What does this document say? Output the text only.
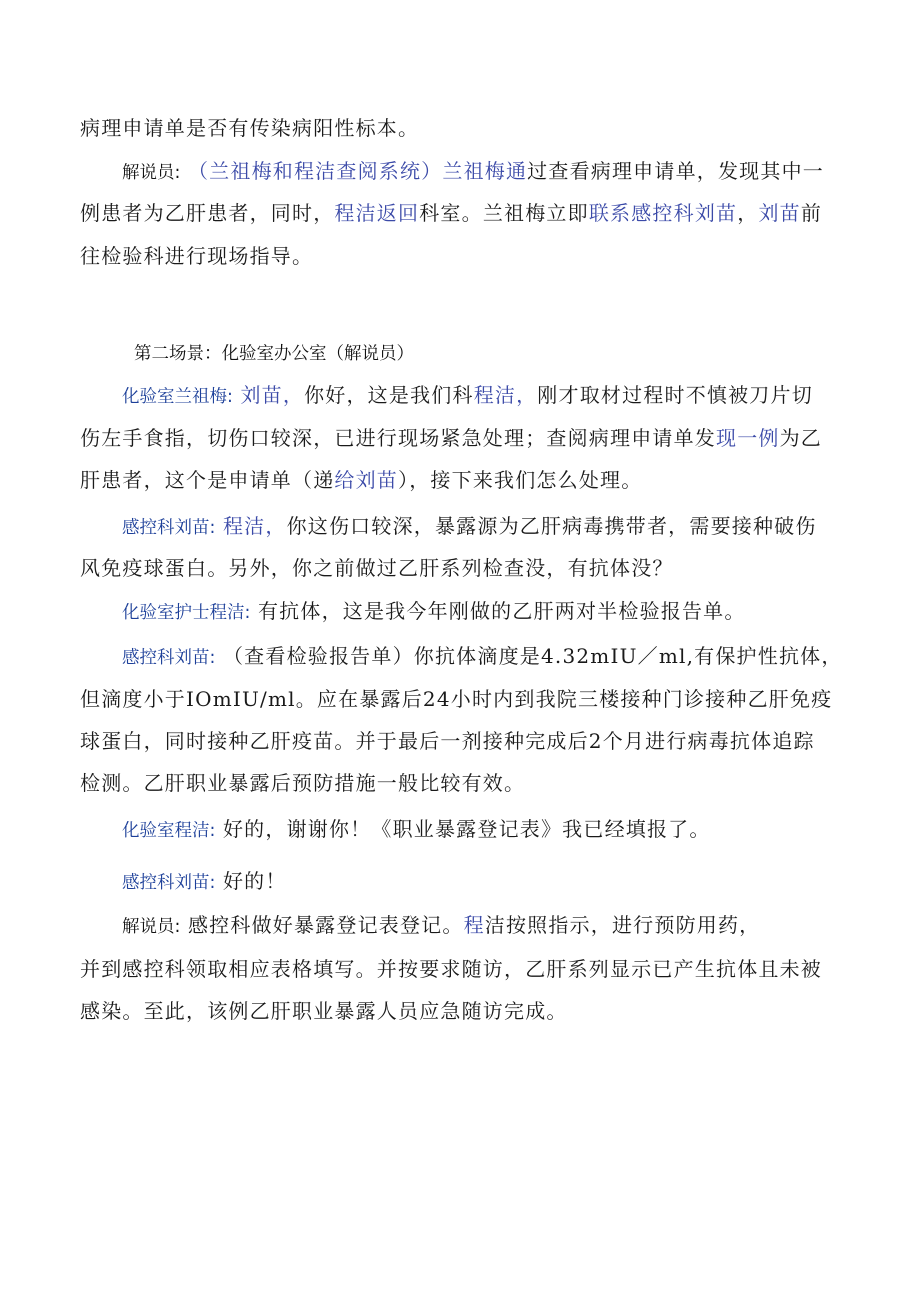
病理申请单是否有传染病阳性标本。
解说员: （兰祖梅和程洁查阅系统）兰祖梅通过查看病理申请单，发现其中一
例患者为乙肝患者，同时，程洁返回科室。兰祖梅立即联系感控科刘苗，刘苗前
往检验科进行现场指导。
第二场景：化验室办公室（解说员）
化验室兰祖梅: 刘苗，你好，这是我们科程洁，刚才取材过程时不慎被刀片切
伤左手食指，切伤口较深，已进行现场紧急处理；查阅病理申请单发现一例为乙
肝患者，这个是申请单（递给刘苗），接下来我们怎么处理。
感控科刘苗: 程洁，你这伤口较深，暴露源为乙肝病毒携带者，需要接种破伤
风免疫球蛋白。另外，你之前做过乙肝系列检查没，有抗体没？
化验室护士程洁: 有抗体，这是我今年刚做的乙肝两对半检验报告单。
感控科刘苗: （查看检验报告单）你抗体滴度是4.32mIU／ml,有保护性抗体，
但滴度小于IOmIU/ml。应在暴露后24小时内到我院三楼接种门诊接种乙肝免疫
球蛋白，同时接种乙肝疫苗。并于最后一剂接种完成后2个月进行病毒抗体追踪
检测。乙肝职业暴露后预防措施一般比较有效。
化验室程洁: 好的，谢谢你！《职业暴露登记表》我已经填报了。
感控科刘苗: 好的！
解说员: 感控科做好暴露登记表登记。程洁按照指示，进行预防用药，
并到感控科领取相应表格填写。并按要求随访，乙肝系列显示已产生抗体且未被
感染。至此，该例乙肝职业暴露人员应急随访完成。
